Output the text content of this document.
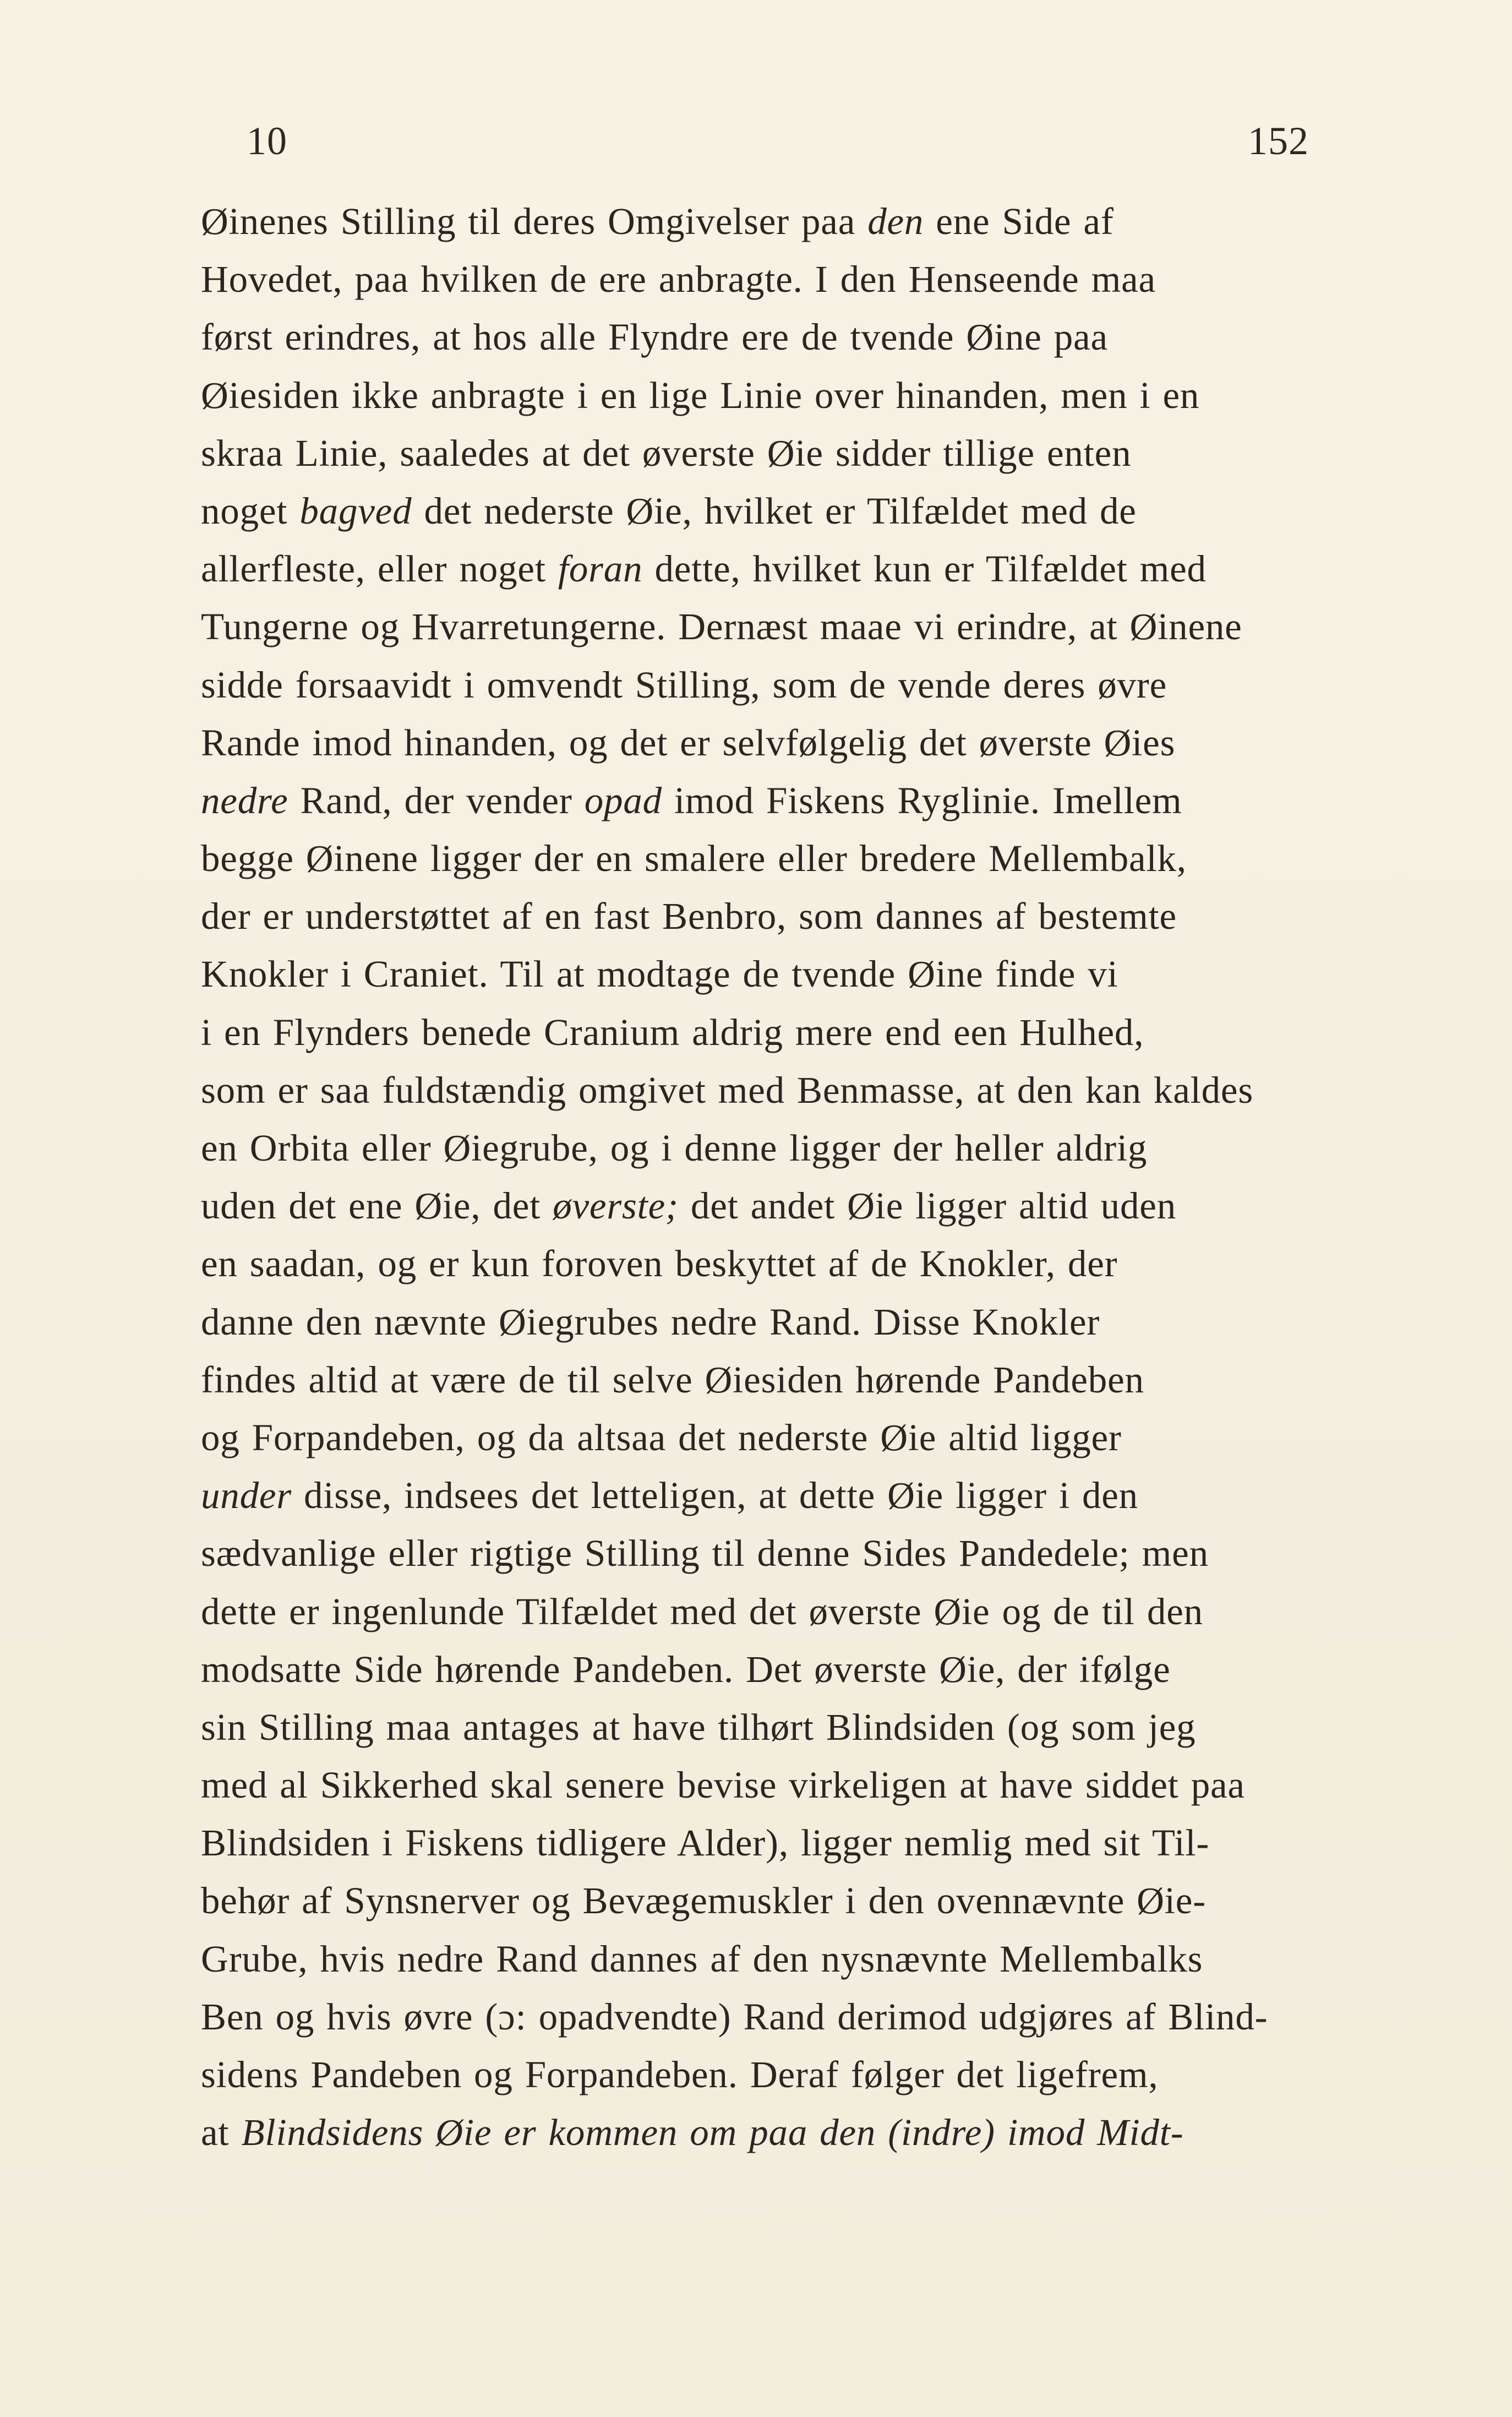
10	152
Øinenes Stilling til deres Omgivelser paa den ene Side af
Hovedet, paa hvilken de ere anbragte. I den Henseende maa
først erindres, at hos alle Flyndre ere de tvende Øine paa
Øiesiden ikke anbragte i en lige Linie over hinanden, men i en
skraa Linie, saaledes at det øverste Øie sidder tillige enten
noget bagved det nederste Øie, hvilket er Tilfældet med de
allerfleste, eller noget foran dette, hvilket kun er Tilfældet med
Tungerne og Hvarretungerne. Dernæst maae vi erindre, at Øinene
sidde forsaavidt i omvendt Stilling, som de vende deres øvre
Rande imod hinanden, og det er selvfølgelig det øverste Øies
nedre Rand, der vender opad imod Fiskens Ryglinie. Imellem
begge Øinene ligger der en smalere eller bredere Mellembalk,
der er understøttet af en fast Benbro, som dannes af bestemte
Knokler i Craniet. Til at modtage de tvende Øine finde vi
i en Flynders benede Cranium aldrig mere end een Hulhed,
som er saa fuldstændig omgivet med Benmasse, at den kan kaldes
en Orbita eller Øiegrube, og i denne ligger der heller aldrig
uden det ene Øie, det øverste; det andet Øie ligger altid uden
en saadan, og er kun foroven beskyttet af de Knokler, der
danne den nævnte Øiegrubes nedre Rand. Disse Knokler
findes altid at være de til selve Øiesiden hørende Pandeben
og Forpandeben, og da altsaa det nederste Øie altid ligger
under disse, indsees det letteligen, at dette Øie ligger i den
sædvanlige eller rigtige Stilling til denne Sides Pandedele; men
dette er ingenlunde Tilfældet med det øverste Øie og de til den
modsatte Side hørende Pandeben. Det øverste Øie, der ifølge
sin Stilling maa antages at have tilhørt Blindsiden (og som jeg
med al Sikkerhed skal senere bevise virkeligen at have siddet paa
Blindsiden i Fiskens tidligere Alder), ligger nemlig med sit Til-
behør af Synsnerver og Bevægemuskler i den ovennævnte Øie-
Grube, hvis nedre Rand dannes af den nysnævnte Mellembalks
Ben og hvis øvre (ɔ: opadvendte) Rand derimod udgjøres af Blind-
sidens Pandeben og Forpandeben. Deraf følger det ligefrem,
at Blindsidens Øie er kommen om paa den (indre) imod Midt-
